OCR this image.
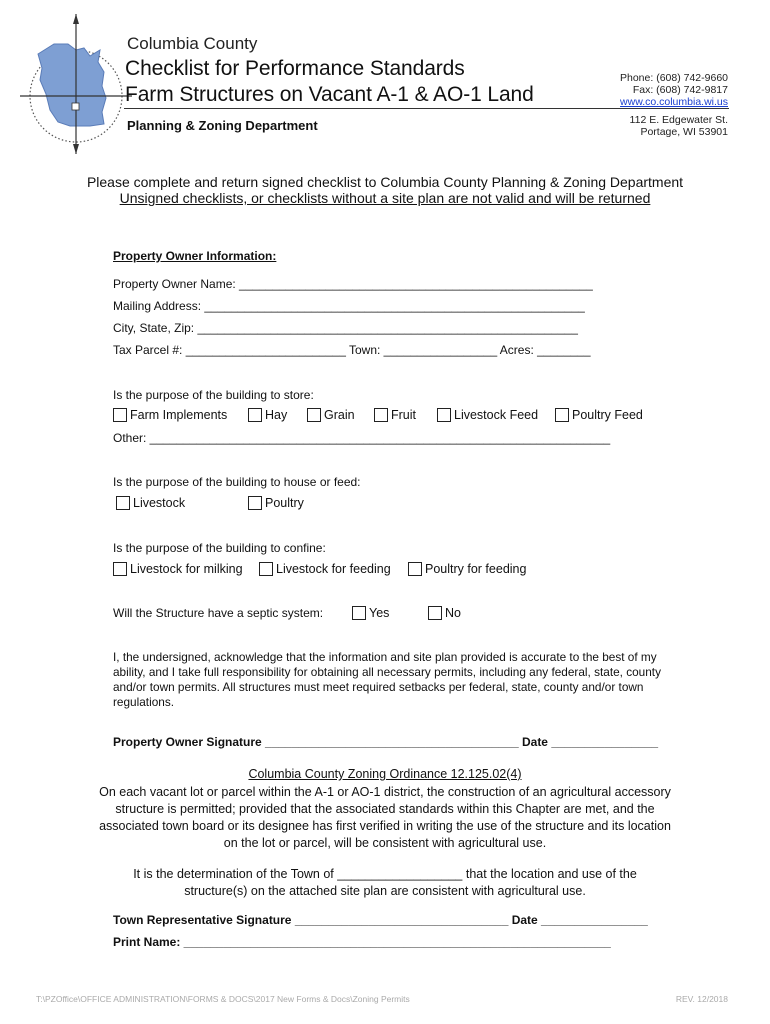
Columbia County
Checklist for Performance Standards
Farm Structures on Vacant A-1 & AO-1 Land
Planning & Zoning Department
Phone: (608) 742-9660
Fax: (608) 742-9817
www.co.columbia.wi.us
112 E. Edgewater St.
Portage, WI 53901
Please complete and return signed checklist to Columbia County Planning & Zoning Department
Unsigned checklists, or checklists without a site plan are not valid and will be returned
Property Owner Information:
Property Owner Name: _____________________________________________________
Mailing Address: _________________________________________________________
City, State, Zip: _________________________________________________________
Tax Parcel #: ________________________ Town: _________________ Acres: ________
Is the purpose of the building to store:
Farm Implements	Hay	Grain	Fruit	Livestock Feed	Poultry Feed
Other: _____________________________________________________________________
Is the purpose of the building to house or feed:
Livestock	Poultry
Is the purpose of the building to confine:
Livestock for milking	Livestock for feeding	Poultry for feeding
Will the Structure have a septic system:	Yes	No
I, the undersigned, acknowledge that the information and site plan provided is accurate to the best of my ability, and I take full responsibility for obtaining all necessary permits, including any federal, state, county and/or town permits. All structures must meet required setbacks per federal, state, county and/or town regulations.
Property Owner Signature ______________________________________ Date ________________
Columbia County Zoning Ordinance 12.125.02(4)
On each vacant lot or parcel within the A-1 or AO-1 district, the construction of an agricultural accessory
structure is permitted; provided that the associated standards within this Chapter are met, and the
associated town board or its designee has first verified in writing the use of the structure and its location
on the lot or parcel, will be consistent with agricultural use.
It is the determination of the Town of __________________ that the location and use of the
structure(s) on the attached site plan are consistent with agricultural use.
Town Representative Signature ________________________________ Date ________________
Print Name: ________________________________________________________________
T:\PZOffice\OFFICE ADMINISTRATION\FORMS & DOCS\2017 New Forms & Docs\Zoning Permits	REV. 12/2018
